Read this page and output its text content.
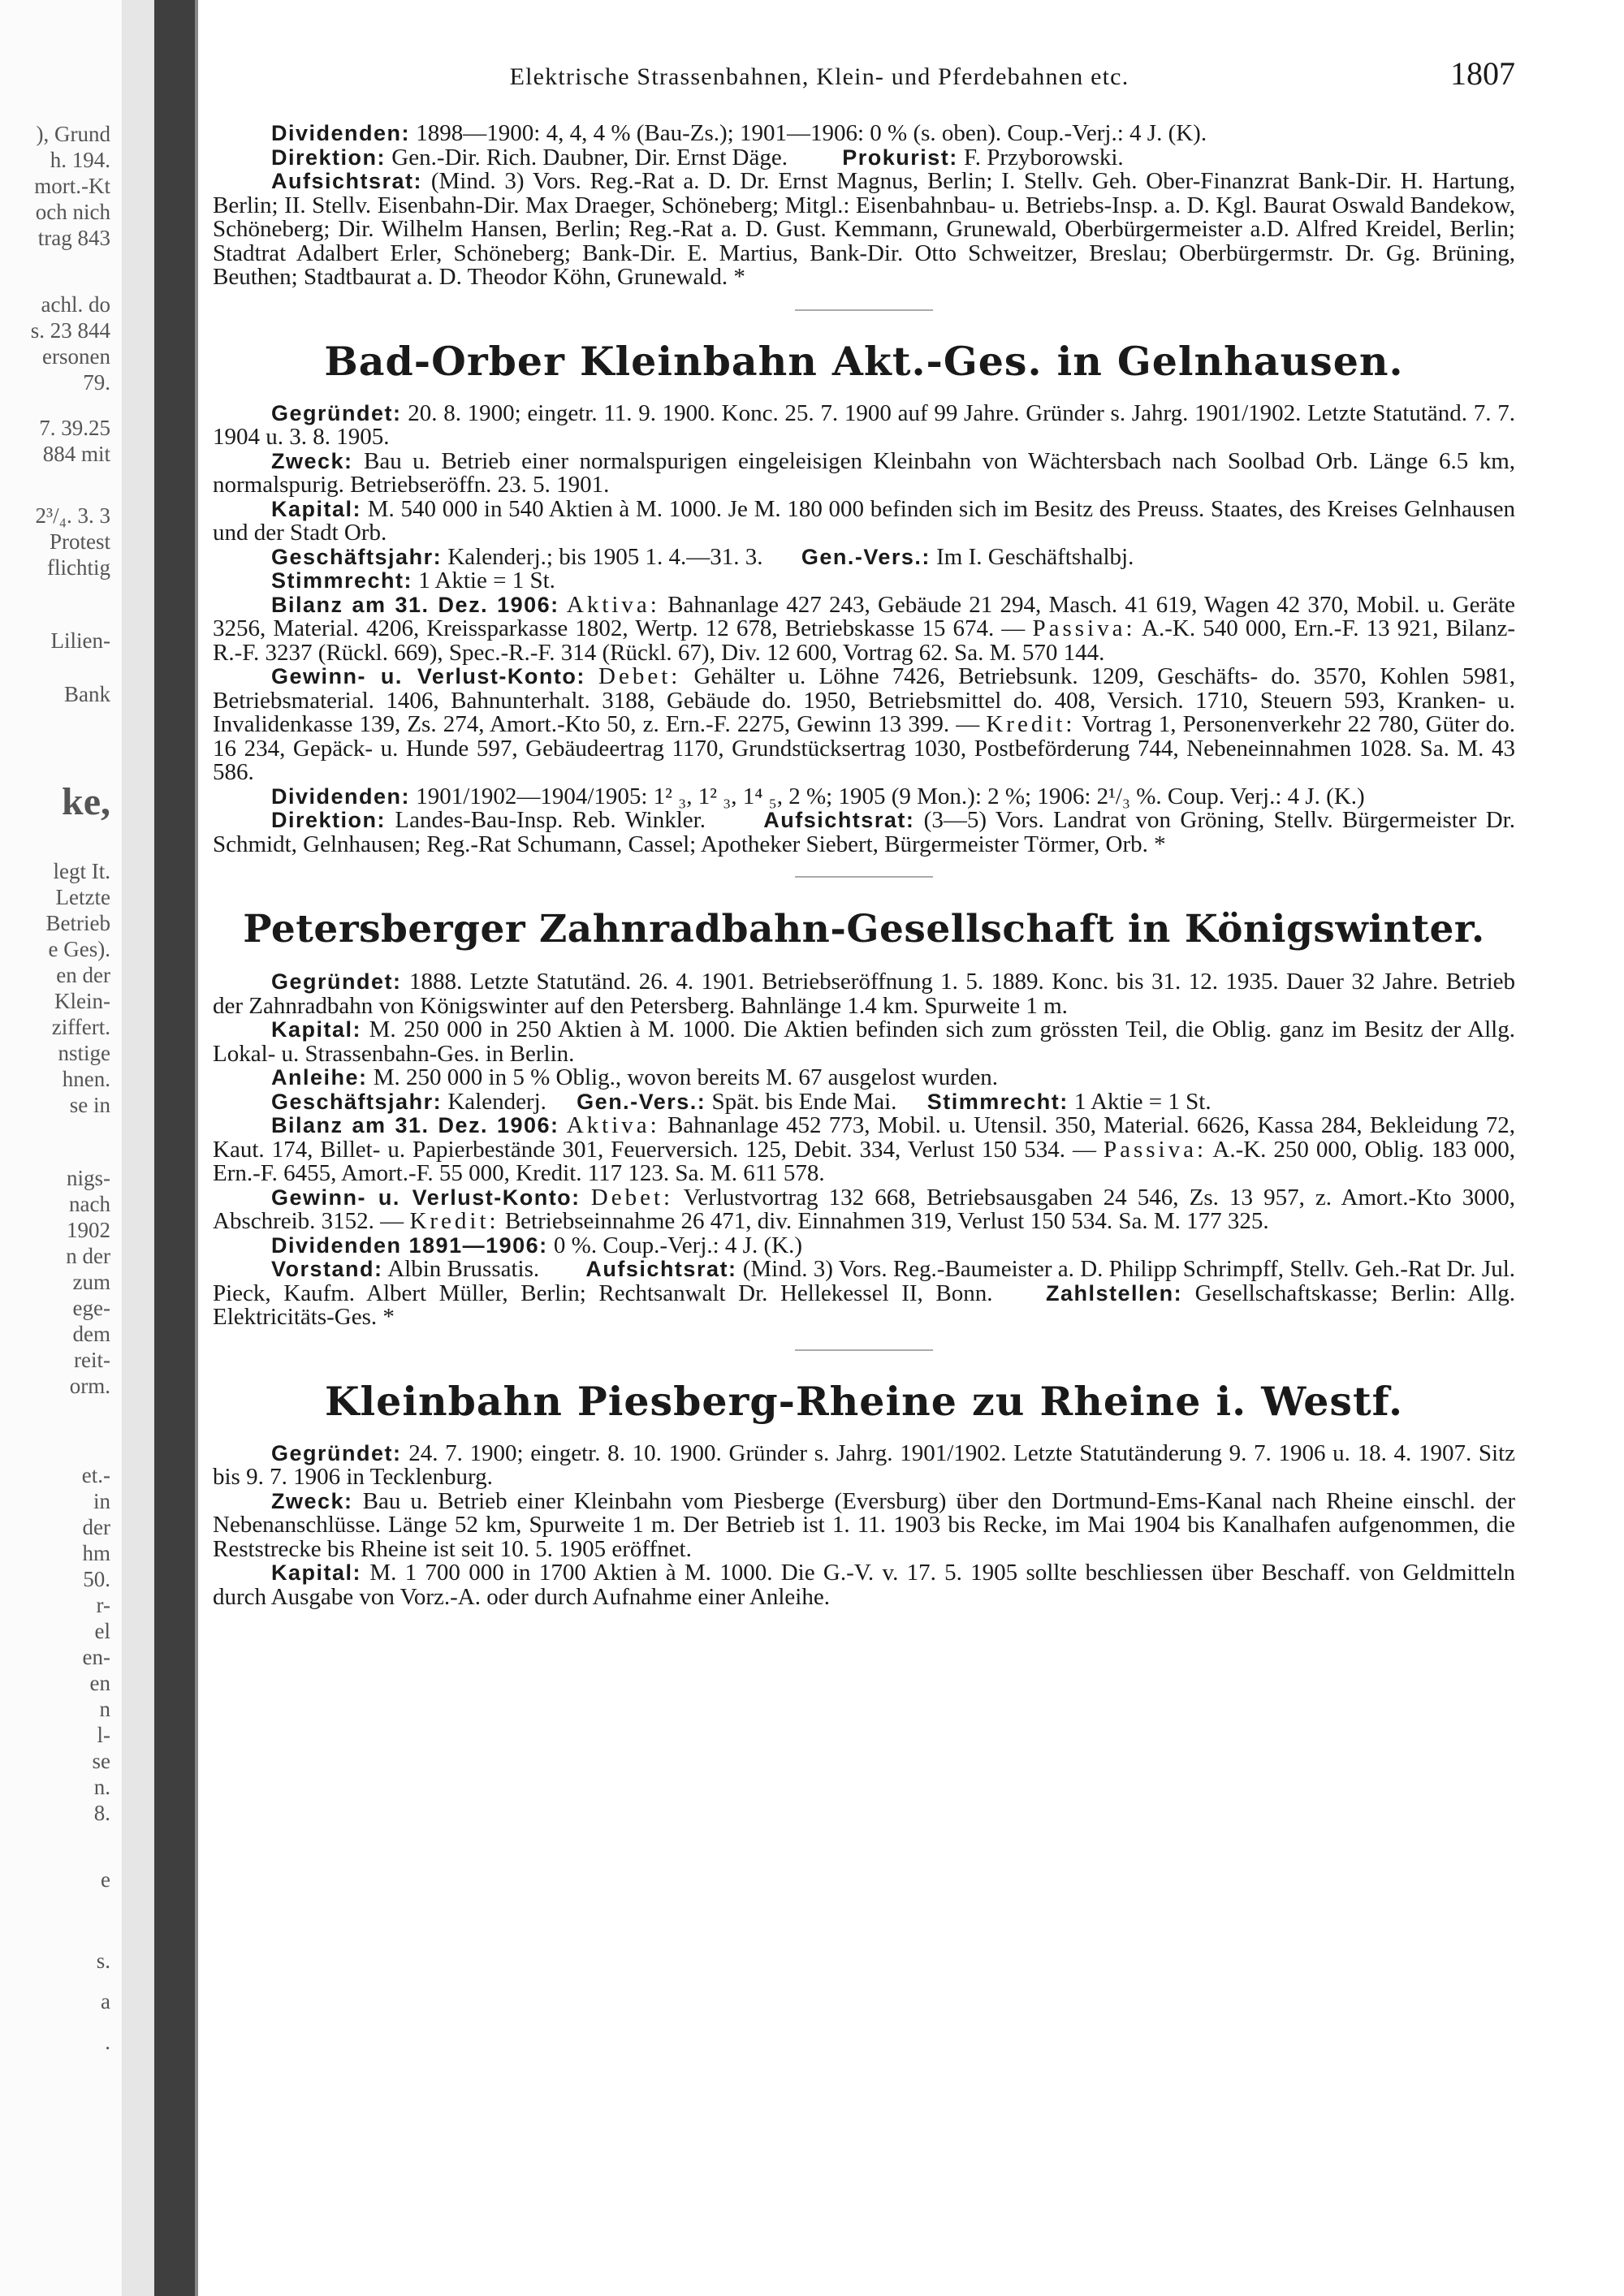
), Grund
h. 194.
mort.-Kt
och nich
trag 843
achl. do
s. 23 844
ersonen
79.
7. 39.25
884 mit
2³/₄. 3. 3
Protest
flichtig
Lilien-
Bank
ke,
legt It.
Letzte
Betrieb
e Ges).
en der
Klein-
ziffert.
nstige
hnen.
se in
nigs-
nach
1902
n der
zum
ege-
dem
reit-
orm.
et.-
in
der
hm
50.
r-
el
en-
en
n
l-
se
n.
8.
e
s.
a
.
Elektrische Strassenbahnen, Klein- und Pferdebahnen etc.	1807

Dividenden: 1898—1900: 4, 4, 4 % (Bau-Zs.); 1901—1906: 0 % (s. oben). Coup.-Verj.: 4 J. (K).

Direktion: Gen.-Dir. Rich. Daubner, Dir. Ernst Däge. Prokurist: F. Przyborowski.

Aufsichtsrat: (Mind. 3) Vors. Reg.-Rat a. D. Dr. Ernst Magnus, Berlin; I. Stellv. Geh. Ober-Finanzrat Bank-Dir. H. Hartung, Berlin; II. Stellv. Eisenbahn-Dir. Max Draeger, Schöneberg; Mitgl.: Eisenbahnbau- u. Betriebs-Insp. a. D. Kgl. Baurat Oswald Bandekow, Schöneberg; Dir. Wilhelm Hansen, Berlin; Reg.-Rat a. D. Gust. Kemmann, Grunewald, Oberbürgermeister a.D. Alfred Kreidel, Berlin; Stadtrat Adalbert Erler, Schöneberg; Bank-Dir. E. Martius, Bank-Dir. Otto Schweitzer, Breslau; Oberbürgermstr. Dr. Gg. Brüning, Beuthen; Stadtbaurat a. D. Theodor Köhn, Grunewald. *

Bad-Orber Kleinbahn Akt.-Ges. in Gelnhausen.

Gegründet: 20. 8. 1900; eingetr. 11. 9. 1900. Konc. 25. 7. 1900 auf 99 Jahre. Gründer s. Jahrg. 1901/1902. Letzte Statutänd. 7. 7. 1904 u. 3. 8. 1905.

Zweck: Bau u. Betrieb einer normalspurigen eingeleisigen Kleinbahn von Wächtersbach nach Soolbad Orb. Länge 6.5 km, normalspurig. Betriebseröffn. 23. 5. 1901.

Kapital: M. 540 000 in 540 Aktien à M. 1000. Je M. 180 000 befinden sich im Besitz des Preuss. Staates, des Kreises Gelnhausen und der Stadt Orb.

Geschäftsjahr: Kalenderj.; bis 1905 1. 4.—31. 3. Gen.-Vers.: Im I. Geschäftshalbj.

Stimmrecht: 1 Aktie = 1 St.

Bilanz am 31. Dez. 1906: Aktiva: Bahnanlage 427 243, Gebäude 21 294, Masch. 41 619, Wagen 42 370, Mobil. u. Geräte 3256, Material. 4206, Kreissparkasse 1802, Wertp. 12 678, Betriebskasse 15 674. — Passiva: A.-K. 540 000, Ern.-F. 13 921, Bilanz-R.-F. 3237 (Rückl. 669), Spec.-R.-F. 314 (Rückl. 67), Div. 12 600, Vortrag 62. Sa. M. 570 144.

Gewinn- u. Verlust-Konto: Debet: Gehälter u. Löhne 7426, Betriebsunk. 1209, Geschäfts- do. 3570, Kohlen 5981, Betriebsmaterial. 1406, Bahnunterhalt. 3188, Gebäude do. 1950, Betriebsmittel do. 408, Versich. 1710, Steuern 593, Kranken- u. Invalidenkasse 139, Zs. 274, Amort.-Kto 50, z. Ern.-F. 2275, Gewinn 13 399. — Kredit: Vortrag 1, Personenverkehr 22 780, Güter do. 16 234, Gepäck- u. Hunde 597, Gebäudeertrag 1170, Grundstücksertrag 1030, Postbeförderung 744, Nebeneinnahmen 1028. Sa. M. 43 586.

Dividenden: 1901/1902—1904/1905: 1² ₃, 1² ₃, 1⁴ ₅, 2 %; 1905 (9 Mon.): 2 %; 1906: 2¹/₃ %. Coup. Verj.: 4 J. (K.)

Direktion: Landes-Bau-Insp. Reb. Winkler.	Aufsichtsrat: (3—5) Vors. Landrat von Gröning, Stellv. Bürgermeister Dr. Schmidt, Gelnhausen; Reg.-Rat Schumann, Cassel; Apotheker Siebert, Bürgermeister Törmer, Orb. *

Petersberger Zahnradbahn-Gesellschaft in Königswinter.

Gegründet: 1888. Letzte Statutänd. 26. 4. 1901. Betriebseröffnung 1. 5. 1889. Konc. bis 31. 12. 1935. Dauer 32 Jahre. Betrieb der Zahnradbahn von Königswinter auf den Petersberg. Bahnlänge 1.4 km. Spurweite 1 m.

Kapital: M. 250 000 in 250 Aktien à M. 1000. Die Aktien befinden sich zum grössten Teil, die Oblig. ganz im Besitz der Allg. Lokal- u. Strassenbahn-Ges. in Berlin.

Anleihe: M. 250 000 in 5 % Oblig., wovon bereits M. 67 ausgelost wurden.

Geschäftsjahr: Kalenderj. Gen.-Vers.: Spät. bis Ende Mai. Stimmrecht: 1 Aktie = 1 St.

Bilanz am 31. Dez. 1906: Aktiva: Bahnanlage 452 773, Mobil. u. Utensil. 350, Material. 6626, Kassa 284, Bekleidung 72, Kaut. 174, Billet- u. Papierbestände 301, Feuerversich. 125, Debit. 334, Verlust 150 534. — Passiva: A.-K. 250 000, Oblig. 183 000, Ern.-F. 6455, Amort.-F. 55 000, Kredit. 117 123. Sa. M. 611 578.

Gewinn- u. Verlust-Konto: Debet: Verlustvortrag 132 668, Betriebsausgaben 24 546, Zs. 13 957, z. Amort.-Kto 3000, Abschreib. 3152. — Kredit: Betriebseinnahme 26 471, div. Einnahmen 319, Verlust 150 534. Sa. M. 177 325.

Dividenden 1891—1906: 0 %. Coup.-Verj.: 4 J. (K.)

Vorstand: Albin Brussatis. Aufsichtsrat: (Mind. 3) Vors. Reg.-Baumeister a. D. Philipp Schrimpff, Stellv. Geh.-Rat Dr. Jul. Pieck, Kaufm. Albert Müller, Berlin; Rechtsanwalt Dr. Hellekessel II, Bonn. Zahlstellen: Gesellschaftskasse; Berlin: Allg. Elektricitäts-Ges. *

Kleinbahn Piesberg-Rheine zu Rheine i. Westf.

Gegründet: 24. 7. 1900; eingetr. 8. 10. 1900. Gründer s. Jahrg. 1901/1902. Letzte Statutänderung 9. 7. 1906 u. 18. 4. 1907. Sitz bis 9. 7. 1906 in Tecklenburg.

Zweck: Bau u. Betrieb einer Kleinbahn vom Piesberge (Eversburg) über den Dortmund-Ems-Kanal nach Rheine einschl. der Nebenanschlüsse. Länge 52 km, Spurweite 1 m. Der Betrieb ist 1. 11. 1903 bis Recke, im Mai 1904 bis Kanalhafen aufgenommen, die Reststrecke bis Rheine ist seit 10. 5. 1905 eröffnet.

Kapital: M. 1 700 000 in 1700 Aktien à M. 1000. Die G.-V. v. 17. 5. 1905 sollte beschliessen über Beschaff. von Geldmitteln durch Ausgabe von Vorz.-A. oder durch Aufnahme einer Anleihe.
